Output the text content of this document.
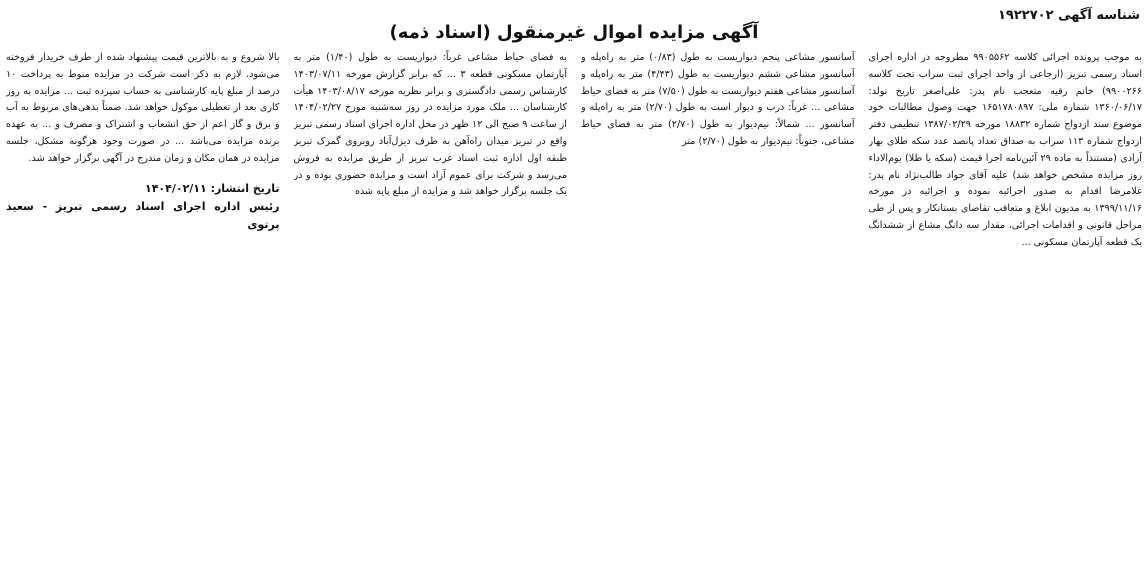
شناسه آگهی ۱۹۲۲۷۰۲
آگهی مزایده اموال غیرمنقول (اسناد ذمه)

به موجب پرونده اجرائی کلاسه ۹۹۰۵۵۶۲ مطروحه در اداره اجرای اسناد رسمی تبریز (ارجاعی از واحد اجرای ثبت سراب تحت کلاسه ۹۹۰۰۲۶۶) خانم رقیه متعجب نام پدر: علی‌اصغر تاریخ تولد: ۱۳۶۰/۰۶/۱۷ شماره ملی: ۱۶۵۱۷۸۰۸۹۷ جهت وصول مطالبات خود موضوع سند ازدواج شماره ۱۸۸۳۲ مورخه ۱۳۸۷/۰۲/۲۹ تنظیمی دفتر ازدواج شماره ۱۱۳ سراب به صداق تعداد پانصد عدد سکه طلای بهار آزادی (مستنداً به ماده ۲۹ آئین‌نامه اجرا قیمت (سکه یا طلا) یوم‌الاداء روز مزایده مشخص خواهد شد) علیه آقای جواد طالب‌نژاد نام پدر: غلامرضا اقدام به صدور اجرائیه نموده و اجرائیه در مورخه ۱۳۹۹/۱۱/۱۶ به مدیون ابلاغ و متعاقب تقاضای بستانکار و پس از طی مراحل قانونی و اقدامات اجرائی، مقدار سه دانگ مشاع از ششدانگ یک قطعه آپارتمان مسکونی ...

آسانسور مشاعی پنجم دیواریست به طول (۰/۸۳) متر به راه‌پله و آسانسور مشاعی ششم دیواریست به طول (۴/۴۳) متر به راه‌پله و آسانسور مشاعی هفتم دیواریست به طول (۷/۵۰) متر به فضای حیاط مشاعی ... غرباً: درب و دیوار است به طول (۲/۷۰) متر به راه‌پله و آسانسور ... شمالاً: نیم‌دیوار به طول (۲/۷۰) متر به فضای حیاط مشاعی، جنوباً: نیم‌دیوار به طول (۲/۷۰) متر

به فضای حیاط مشاعی غرباً: دیواریست به طول (۱/۴۰) متر به آپارتمان مسکونی قطعه ۳ ... که برابر گزارش مورخه ۱۴۰۳/۰۷/۱۱ کارشناس رسمی دادگستری و برابر نظریه مورخه ۱۴۰۳/۰۸/۱۷ هیأت کارشناسان ... ملک مورد مزایده در روز سه‌شنبه مورخ ۱۴۰۴/۰۲/۲۷ از ساعت ۹ صبح الی ۱۲ ظهر در محل اداره اجرای اسناد رسمی تبریز واقع در تبریز میدان راه‌آهن به طرف دیزل‌آباد روبروی گمرک تبریز طبقه اول اداره ثبت اسناد غرب تبریز از طریق مزایده به فروش می‌رسد و شرکت برای عموم آزاد است و مزایده حضوری بوده و در یک جلسه برگزار خواهد شد و مزایده از مبلغ پایه شده

بالا شروع و به بالاترین قیمت پیشنهاد شده از طرف خریدار فروخته می‌شود. لازم به ذکر است شرکت در مزایده منوط به پرداخت ۱۰ درصد از مبلغ پایه کارشناسی به حساب سپرده ثبت ... مزایده به روز کاری بعد از تعطیلی موکول خواهد شد. ضمناً بدهی‌های مربوط به آب و برق و گاز اعم از حق انشعاب و اشتراک و مصرف و ... به عهده برنده مزایده می‌باشد ... در صورت وجود هرگونه مشکل، جلسه مزایده در همان مکان و زمان مندرج در آگهی برگزار خواهد شد.

تاریخ انتشار: ۱۴۰۴/۰۲/۱۱
رئیس اداره اجرای اسناد رسمی تبریز - سعید پرتوی
